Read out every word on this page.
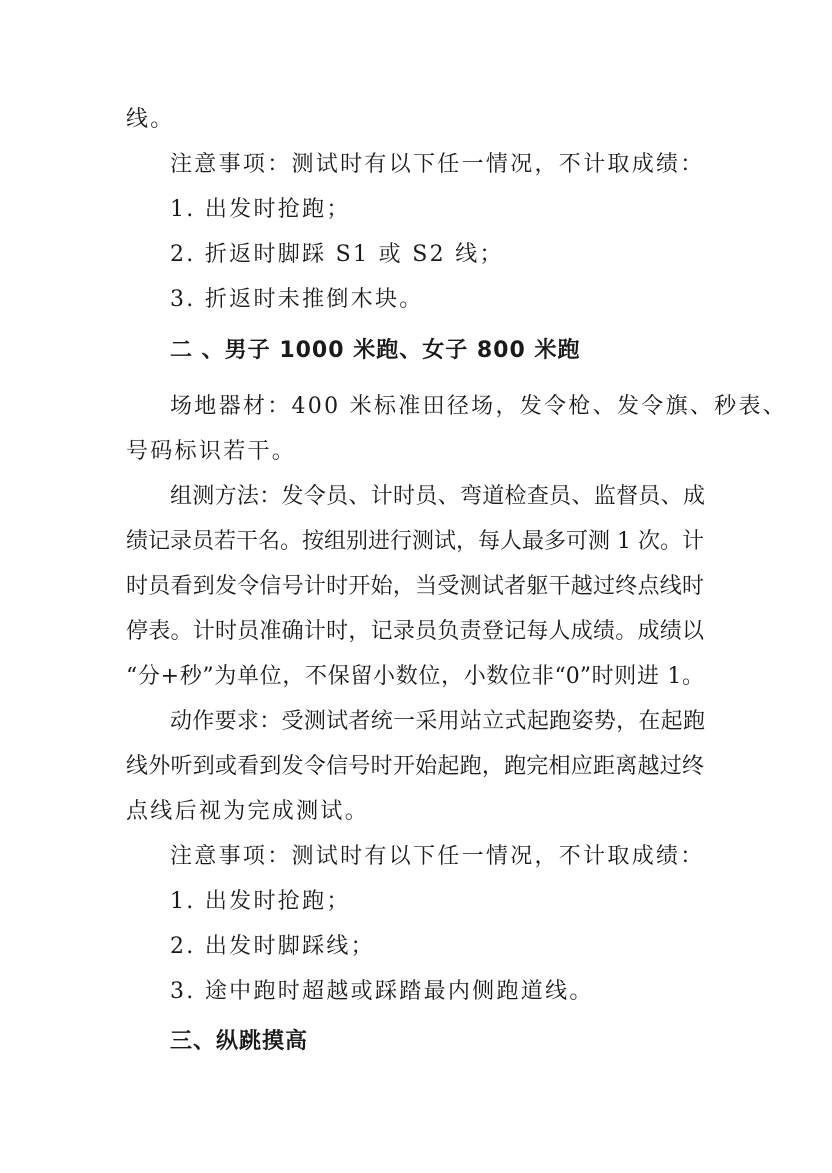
线。
注意事项：测试时有以下任一情况，不计取成绩：
1. 出发时抢跑；
2. 折返时脚踩 S1 或 S2 线；
3. 折返时未推倒木块。
二 、男子 1000 米跑、女子 800 米跑
场地器材：400 米标准田径场，发令枪、发令旗、秒表、
号码标识若干。
组测方法：发令员、计时员、弯道检查员、监督员、成
绩记录员若干名。按组别进行测试，每人最多可测 1 次。计
时员看到发令信号计时开始，当受测试者躯干越过终点线时
停表。计时员准确计时，记录员负责登记每人成绩。成绩以
“分+秒”为单位，不保留小数位，小数位非“0”时则进 1。
动作要求：受测试者统一采用站立式起跑姿势，在起跑
线外听到或看到发令信号时开始起跑，跑完相应距离越过终
点线后视为完成测试。
注意事项：测试时有以下任一情况，不计取成绩：
1. 出发时抢跑；
2. 出发时脚踩线；
3. 途中跑时超越或踩踏最内侧跑道线。
三、纵跳摸高
